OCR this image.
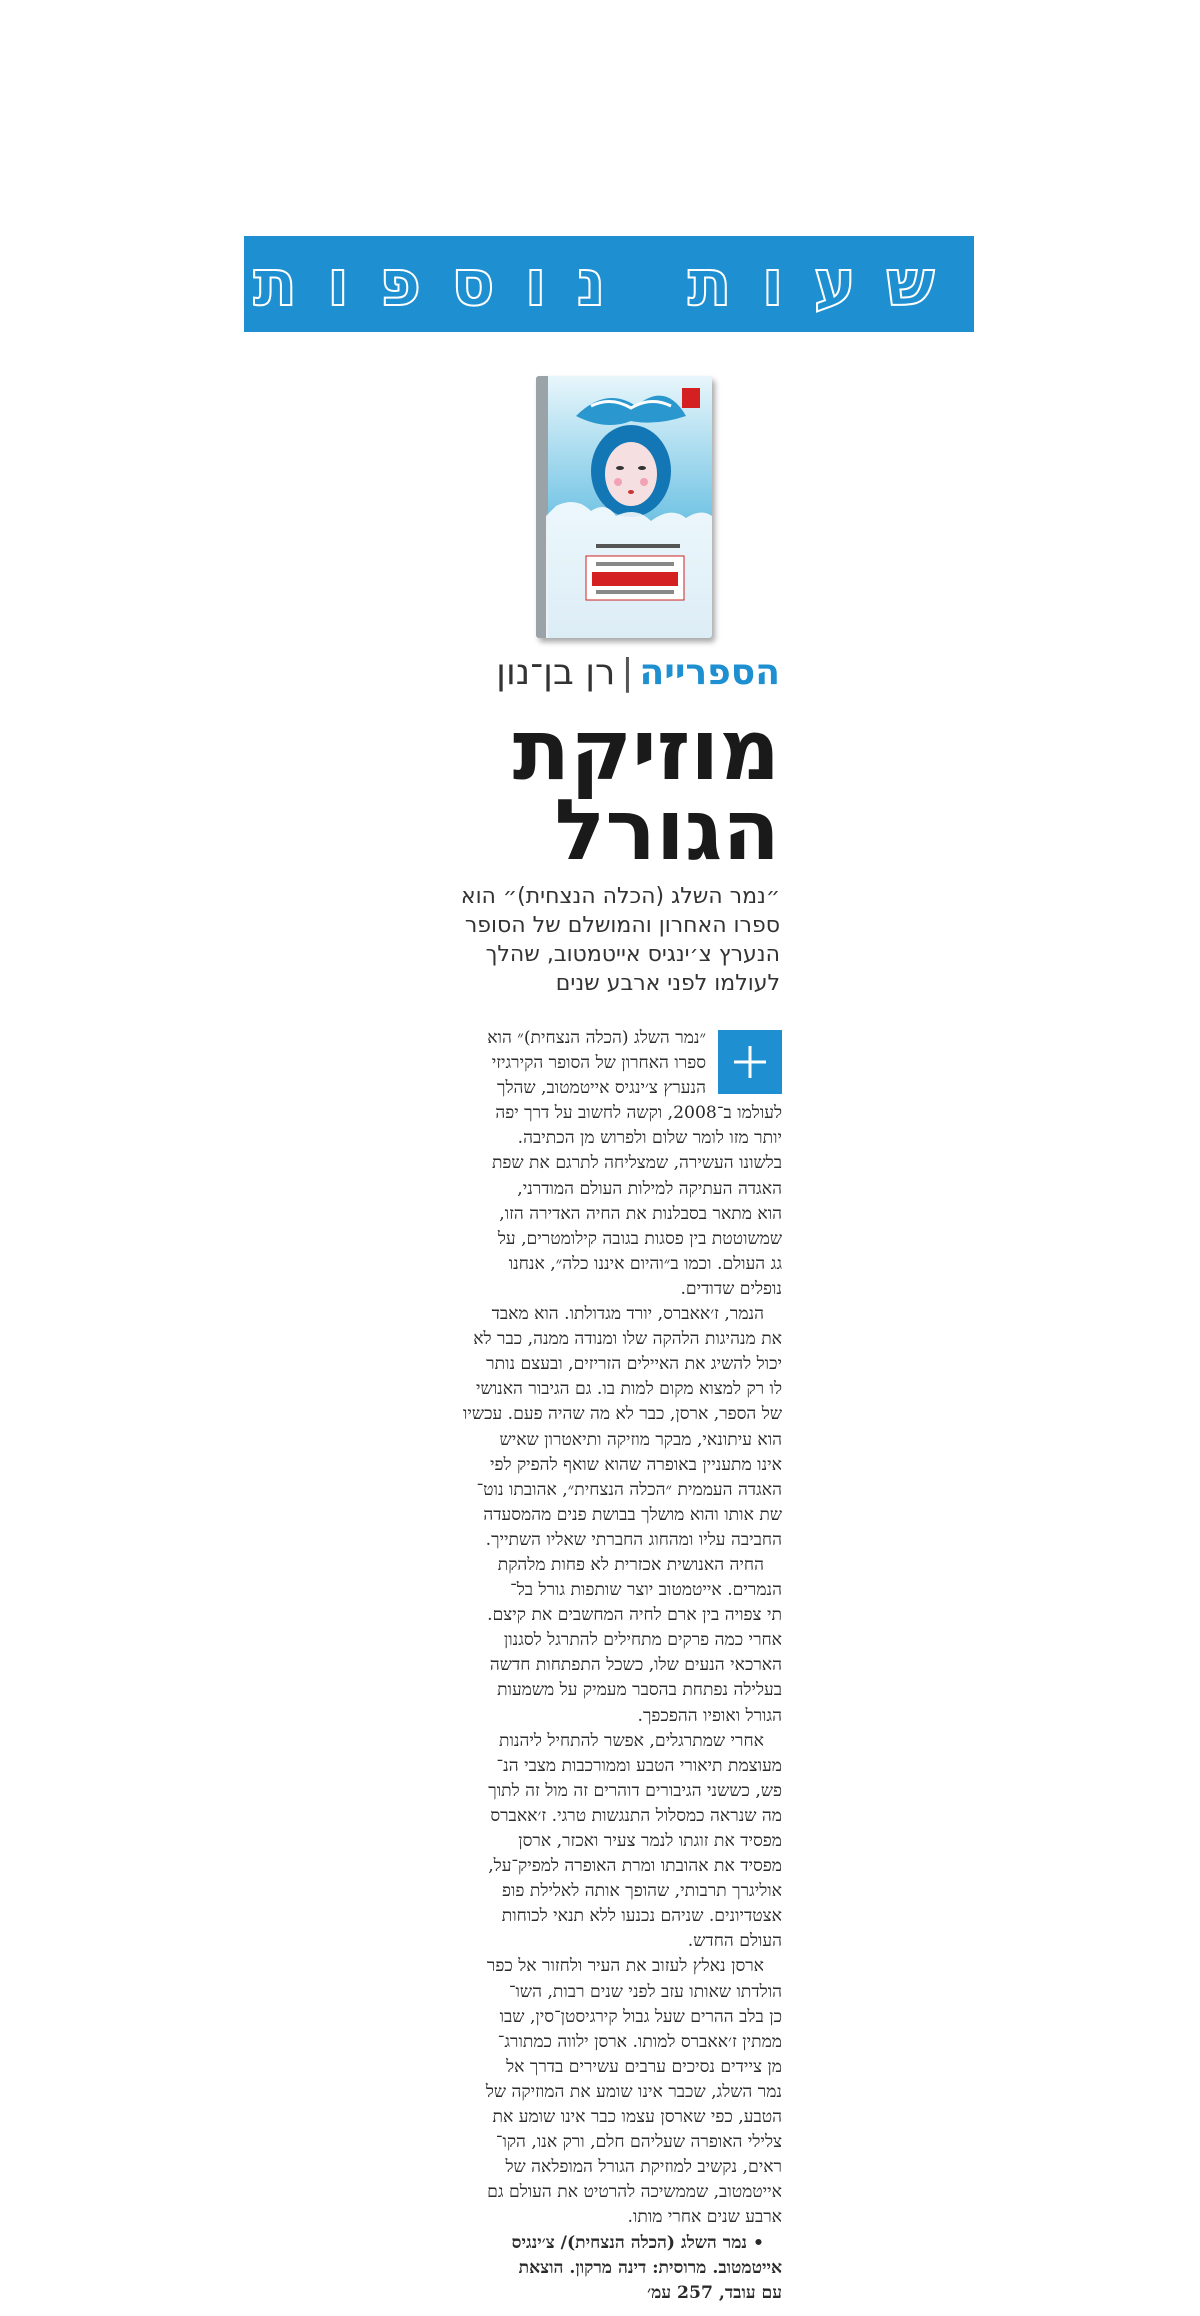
שעות נוספות
הספרייה|רן בן־נון
מוזיקת
הגורל
״נמר השלג (הכלה הנצחית)״ הוא
ספרו האחרון והמושלם של הסופר
הנערץ צ׳ינגיס אייטמטוב, שהלך
לעולמו לפני ארבע שנים
״נמר השלג (הכלה הנצחית)״ הוא
ספרו האחרון של הסופר הקירגיזי
הנערץ צ׳ינגיס אייטמטוב, שהלך
לעולמו ב־2008, וקשה לחשוב על דרך יפה
יותר מזו לומר שלום ולפרוש מן הכתיבה.
בלשונו העשירה, שמצליחה לתרגם את שפת
האגדה העתיקה למילות העולם המודרני,
הוא מתאר בסבלנות את החיה האדירה הזו,
שמשוטטת בין פסגות בגובה קילומטרים, על
גג העולם. וכמו ב״והיום איננו כלה״, אנחנו
נופלים שדודים.
הנמר, ז׳אאברס, יורד מגדולתו. הוא מאבד
את מנהיגות הלהקה שלו ומנודה ממנה, כבר לא
יכול להשיג את האיילים הזריזים, ובעצם נותר
לו רק למצוא מקום למות בו. גם הגיבור האנושי
של הספר, ארסן, כבר לא מה שהיה פעם. עכשיו
הוא עיתונאי, מבקר מוזיקה ותיאטרון שאיש
אינו מתעניין באופרה שהוא שואף להפיק לפי
האגדה העממית ״הכלה הנצחית״, אהובתו נוט־
שת אותו והוא מושלך בבושת פנים מהמסעדה
החביבה עליו ומהחוג החברתי שאליו השתייך.
החיה האנושית אכזרית לא פחות מלהקת
הנמרים. אייטמטוב יוצר שותפות גורל בל־
תי צפויה בין ארם לחיה המחשבים את קיצם.
אחרי כמה פרקים מתחילים להתרגל לסגנון
הארכאי הנעים שלו, כשכל התפתחות חדשה
בעלילה נפתחת בהסבר מעמיק על משמעות
הגורל ואופיו ההפכפך.
אחרי שמתרגלים, אפשר להתחיל ליהנות
מעוצמת תיאורי הטבע וממורכבות מצבי הנ־
פש, כששני הגיבורים דוהרים זה מול זה לתוך
מה שנראה כמסלול התנגשות טרגי. ז׳אאברס
מפסיד את זוגתו לנמר צעיר ואכזר, ארסן
מפסיד את אהובתו ומרת האופרה למפיק־על,
אוליגרך תרבותי, שהופך אותה לאלילת פופ
אצטדיונים. שניהם נכנעו ללא תנאי לכוחות
העולם החדש.
ארסן נאלץ לעזוב את העיר ולחזור אל כפר
הולדתו שאותו עזב לפני שנים רבות, השו־
כן בלב ההרים שעל גבול קירגיסטן־סין, שבו
ממתין ז׳אאברס למותו. ארסן ילווה כמתורג־
מן ציידים נסיכים ערבים עשירים בדרך אל
נמר השלג, שכבר אינו שומע את המוזיקה של
הטבע, כפי שארסן עצמו כבר אינו שומע את
צלילי האופרה שעליהם חלם, ורק אנו, הקו־
ראים, נקשיב למוזיקת הגורל המופלאה של
אייטמטוב, שממשיכה להרטיט את העולם גם
ארבע שנים אחרי מותו.
• נמר השלג (הכלה הנצחית)/ צ׳ינגיס
אייטמטוב. מרוסית: דינה מרקון. הוצאת
עם עובד, 257 עמ׳
